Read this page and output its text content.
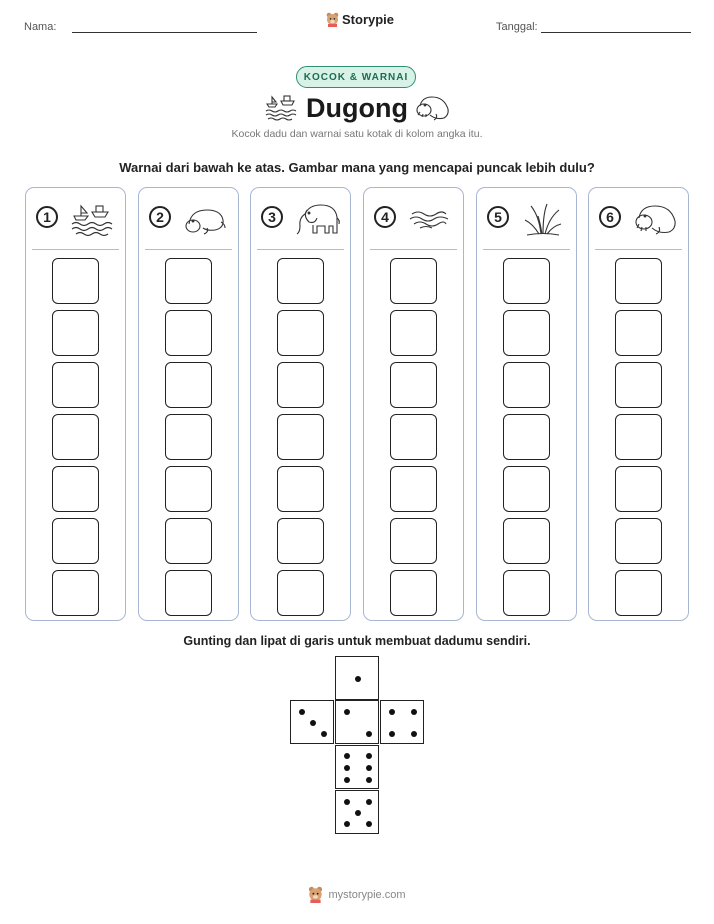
Nama:	Storypie	Tanggal:
KOCOK & WARNAI
Dugong
Kocok dadu dan warnai satu kotak di kolom angka itu.
Warnai dari bawah ke atas. Gambar mana yang mencapai puncak lebih dulu?
1	2	3	4	5	6
Gunting dan lipat di garis untuk membuat dadumu sendiri.
mystorypie.com
